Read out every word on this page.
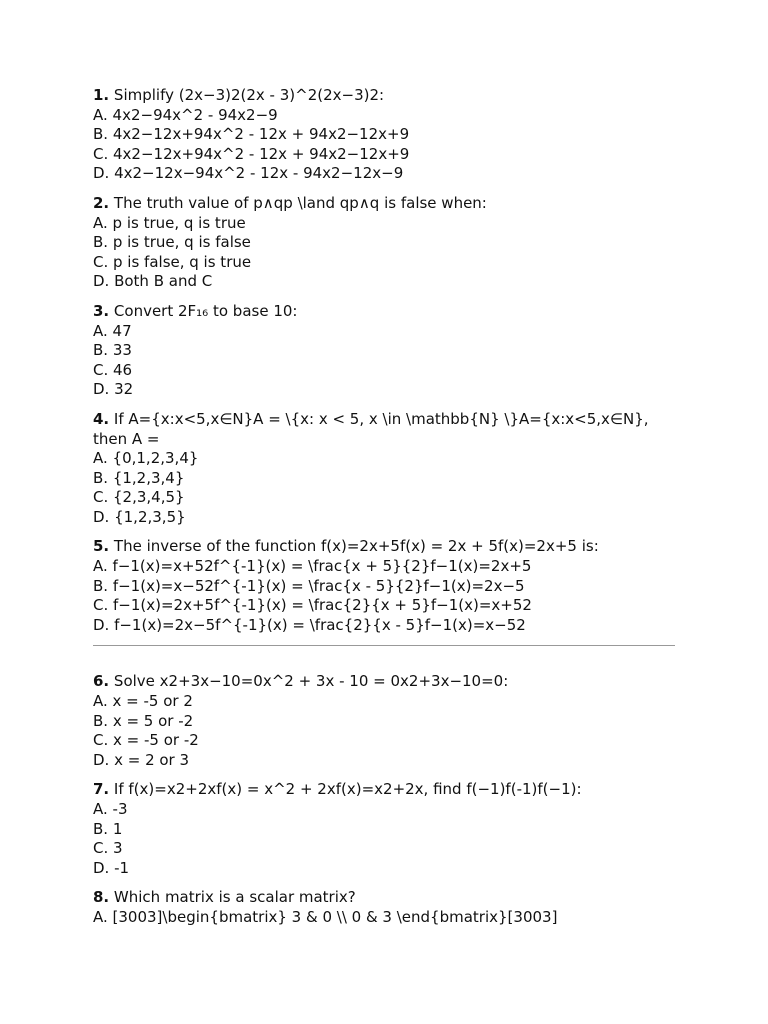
1. Simplify (2x−3)2(2x - 3)^2(2x−3)2:
A. 4x2−94x^2 - 94x2−9
B. 4x2−12x+94x^2 - 12x + 94x2−12x+9
C. 4x2−12x+94x^2 - 12x + 94x2−12x+9
D. 4x2−12x−94x^2 - 12x - 94x2−12x−9
2. The truth value of p∧qp \land qp∧q is false when:
A. p is true, q is true
B. p is true, q is false
C. p is false, q is true
D. Both B and C
3. Convert 2F₁₆ to base 10:
A. 47
B. 33
C. 46
D. 32
4. If A={x:x<5,x∈N}A = \{x: x < 5, x \in \mathbb{N} \}A={x:x<5,x∈N}, then A =
A. {0,1,2,3,4}
B. {1,2,3,4}
C. {2,3,4,5}
D. {1,2,3,5}
5. The inverse of the function f(x)=2x+5f(x) = 2x + 5f(x)=2x+5 is:
A. f−1(x)=x+52f^{-1}(x) = \frac{x + 5}{2}f−1(x)=2x+5
B. f−1(x)=x−52f^{-1}(x) = \frac{x - 5}{2}f−1(x)=2x−5
C. f−1(x)=2x+5f^{-1}(x) = \frac{2}{x + 5}f−1(x)=x+52
D. f−1(x)=2x−5f^{-1}(x) = \frac{2}{x - 5}f−1(x)=x−52
6. Solve x2+3x−10=0x^2 + 3x - 10 = 0x2+3x−10=0:
A. x = -5 or 2
B. x = 5 or -2
C. x = -5 or -2
D. x = 2 or 3
7. If f(x)=x2+2xf(x) = x^2 + 2xf(x)=x2+2x, find f(−1)f(-1)f(−1):
A. -3
B. 1
C. 3
D. -1
8. Which matrix is a scalar matrix?
A. [3003]\begin{bmatrix} 3 & 0 \\ 0 & 3 \end{bmatrix}[3003]
